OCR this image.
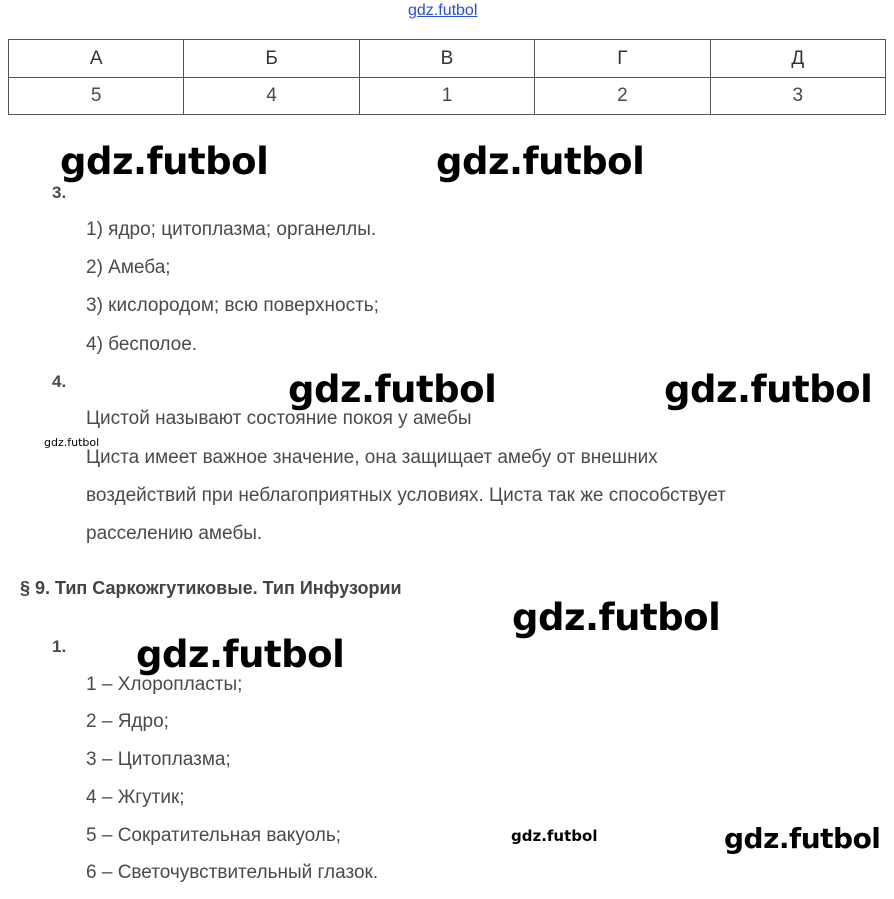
gdz.futbol
А	Б	В	Г	Д
5	4	1	2	3
3.
1) ядро; цитоплазма; органеллы.
2) Амеба;
3) кислородом; всю поверхность;
4) бесполое.
4.
Цистой называют состояние покоя у амебы
Циста имеет важное значение, она защищает амебу от внешних
воздействий при неблагоприятных условиях. Циста так же способствует
расселению амебы.
§ 9. Тип Саркожгутиковые. Тип Инфузории
1.
1 – Хлоропласты;
2 – Ядро;
3 – Цитоплазма;
4 – Жгутик;
5 – Сократительная вакуоль;
6 – Светочувствительный глазок.
gdz.futbol	gdz.futbol
gdz.futbol	gdz.futbol
gdz.futbol
gdz.futbol
gdz.futbol
gdz.futbol	gdz.futbol
